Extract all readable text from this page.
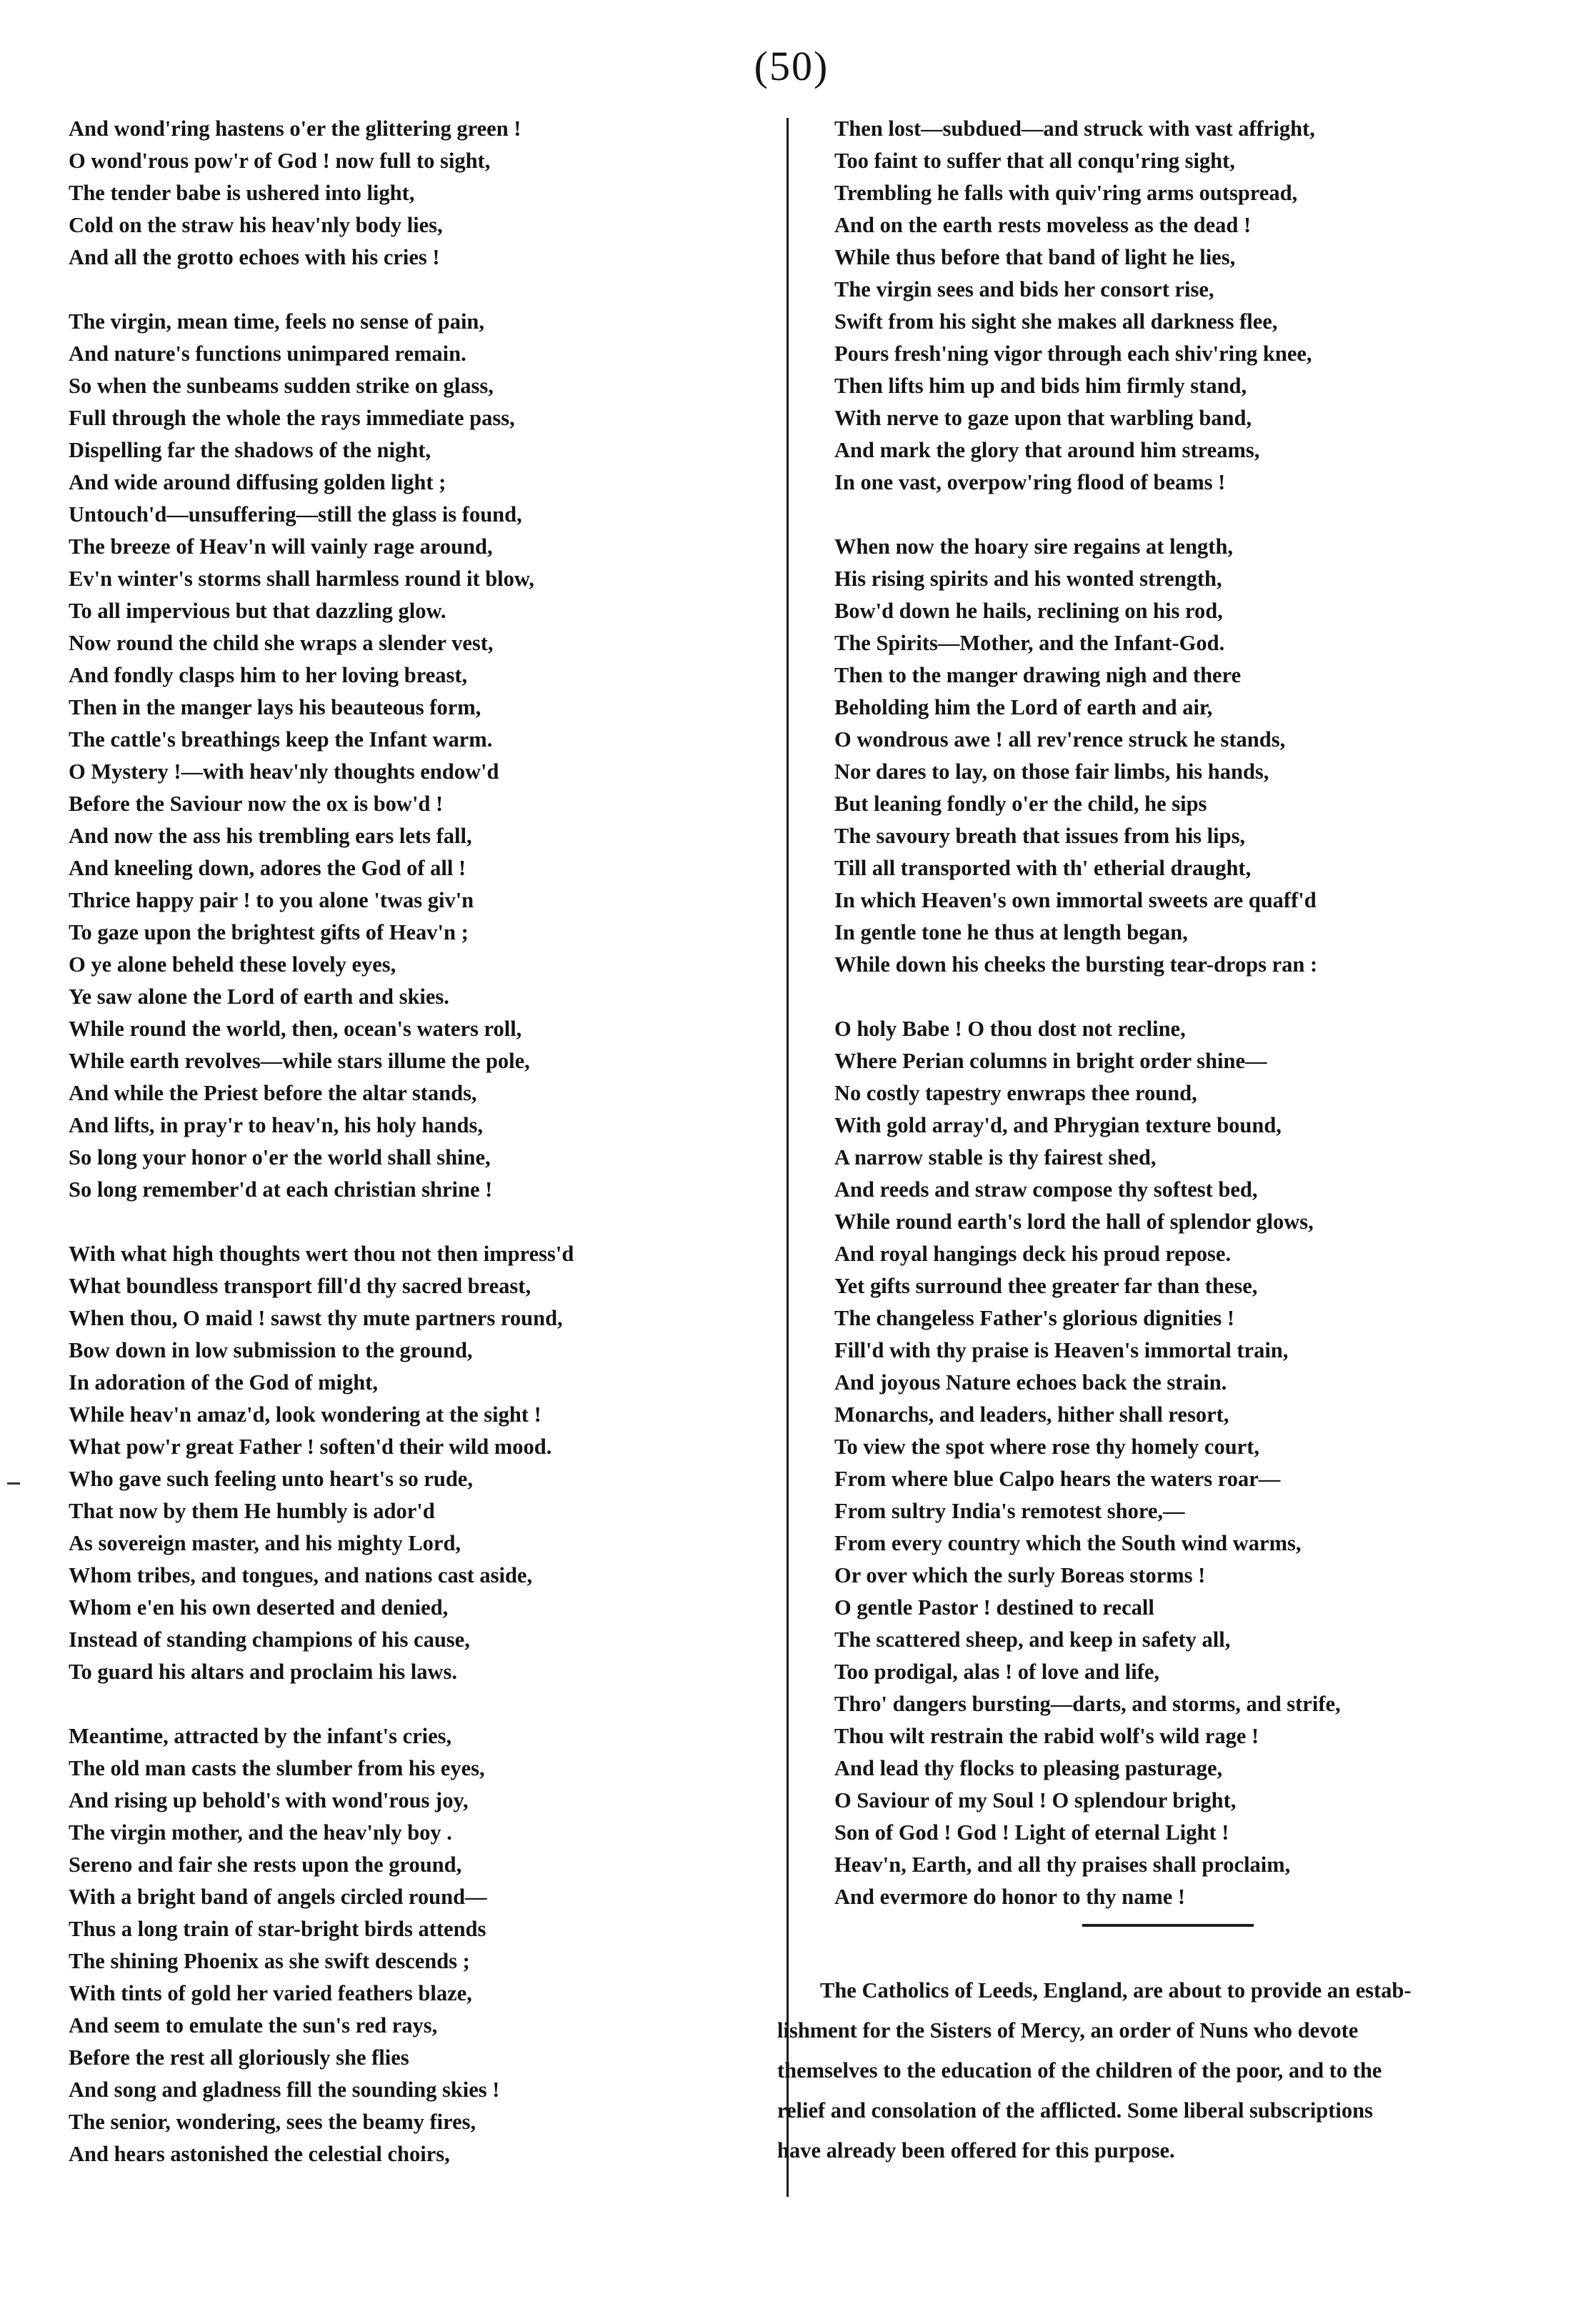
(50)
And wond'ring hastens o'er the glittering green !
O wond'rous pow'r of God ! now full to sight,
The tender babe is ushered into light,
Cold on the straw his heav'nly body lies,
And all the grotto echoes with his cries !
The virgin, mean time, feels no sense of pain,
And nature's functions unimpared remain.
So when the sunbeams sudden strike on glass,
Full through the whole the rays immediate pass,
Dispelling far the shadows of the night,
And wide around diffusing golden light ;
Untouch'd—unsuffering—still the glass is found,
The breeze of Heav'n will vainly rage around,
Ev'n winter's storms shall harmless round it blow,
To all impervious but that dazzling glow.
Now round the child she wraps a slender vest,
And fondly clasps him to her loving breast,
Then in the manger lays his beauteous form,
The cattle's breathings keep the Infant warm.
O Mystery !—with heav'nly thoughts endow'd
Before the Saviour now the ox is bow'd !
And now the ass his trembling ears lets fall,
And kneeling down, adores the God of all !
Thrice happy pair ! to you alone 'twas giv'n
To gaze upon the brightest gifts of Heav'n ;
O ye alone beheld these lovely eyes,
Ye saw alone the Lord of earth and skies.
While round the world, then, ocean's waters roll,
While earth revolves—while stars illume the pole,
And while the Priest before the altar stands,
And lifts, in pray'r to heav'n, his holy hands,
So long your honor o'er the world shall shine,
So long remember'd at each christian shrine !
With what high thoughts wert thou not then impress'd
What boundless transport fill'd thy sacred breast,
When thou, O maid ! sawst thy mute partners round,
Bow down in low submission to the ground,
In adoration of the God of might,
While heav'n amaz'd, look wondering at the sight !
What pow'r great Father ! soften'd their wild mood.
Who gave such feeling unto heart's so rude,
That now by them He humbly is ador'd
As sovereign master, and his mighty Lord,
Whom tribes, and tongues, and nations cast aside,
Whom e'en his own deserted and denied,
Instead of standing champions of his cause,
To guard his altars and proclaim his laws.
Meantime, attracted by the infant's cries,
The old man casts the slumber from his eyes,
And rising up behold's with wond'rous joy,
The virgin mother, and the heav'nly boy .
Sereno and fair she rests upon the ground,
With a bright band of angels circled round—
Thus a long train of star-bright birds attends
The shining Phoenix as she swift descends ;
With tints of gold her varied feathers blaze,
And seem to emulate the sun's red rays,
Before the rest all gloriously she flies
And song and gladness fill the sounding skies !
The senior, wondering, sees the beamy fires,
And hears astonished the celestial choirs,
Then lost—subdued—and struck with vast affright,
Too faint to suffer that all conqu'ring sight,
Trembling he falls with quiv'ring arms outspread,
And on the earth rests moveless as the dead !
While thus before that band of light he lies,
The virgin sees and bids her consort rise,
Swift from his sight she makes all darkness flee,
Pours fresh'ning vigor through each shiv'ring knee,
Then lifts him up and bids him firmly stand,
With nerve to gaze upon that warbling band,
And mark the glory that around him streams,
In one vast, overpow'ring flood of beams !
When now the hoary sire regains at length,
His rising spirits and his wonted strength,
Bow'd down he hails, reclining on his rod,
The Spirits—Mother, and the Infant-God.
Then to the manger drawing nigh and there
Beholding him the Lord of earth and air,
O wondrous awe ! all rev'rence struck he stands,
Nor dares to lay, on those fair limbs, his hands,
But leaning fondly o'er the child, he sips
The savoury breath that issues from his lips,
Till all transported with th' etherial draught,
In which Heaven's own immortal sweets are quaff'd
In gentle tone he thus at length began,
While down his cheeks the bursting tear-drops ran :
O holy Babe ! O thou dost not recline,
Where Perian columns in bright order shine—
No costly tapestry enwraps thee round,
With gold array'd, and Phrygian texture bound,
A narrow stable is thy fairest shed,
And reeds and straw compose thy softest bed,
While round earth's lord the hall of splendor glows,
And royal hangings deck his proud repose.
Yet gifts surround thee greater far than these,
The changeless Father's glorious dignities !
Fill'd with thy praise is Heaven's immortal train,
And joyous Nature echoes back the strain.
Monarchs, and leaders, hither shall resort,
To view the spot where rose thy homely court,
From where blue Calpo hears the waters roar—
From sultry India's remotest shore,—
From every country which the South wind warms,
Or over which the surly Boreas storms !
O gentle Pastor ! destined to recall
The scattered sheep, and keep in safety all,
Too prodigal, alas ! of love and life,
Thro' dangers bursting—darts, and storms, and strife,
Thou wilt restrain the rabid wolf's wild rage !
And lead thy flocks to pleasing pasturage,
O Saviour of my Soul ! O splendour bright,
Son of God ! God ! Light of eternal Light !
Heav'n, Earth, and all thy praises shall proclaim,
And evermore do honor to thy name !
The Catholics of Leeds, England, are about to provide an estab-
lishment for the Sisters of Mercy, an order of Nuns who devote
themselves to the education of the children of the poor, and to the
relief and consolation of the afflicted. Some liberal subscriptions
have already been offered for this purpose.
